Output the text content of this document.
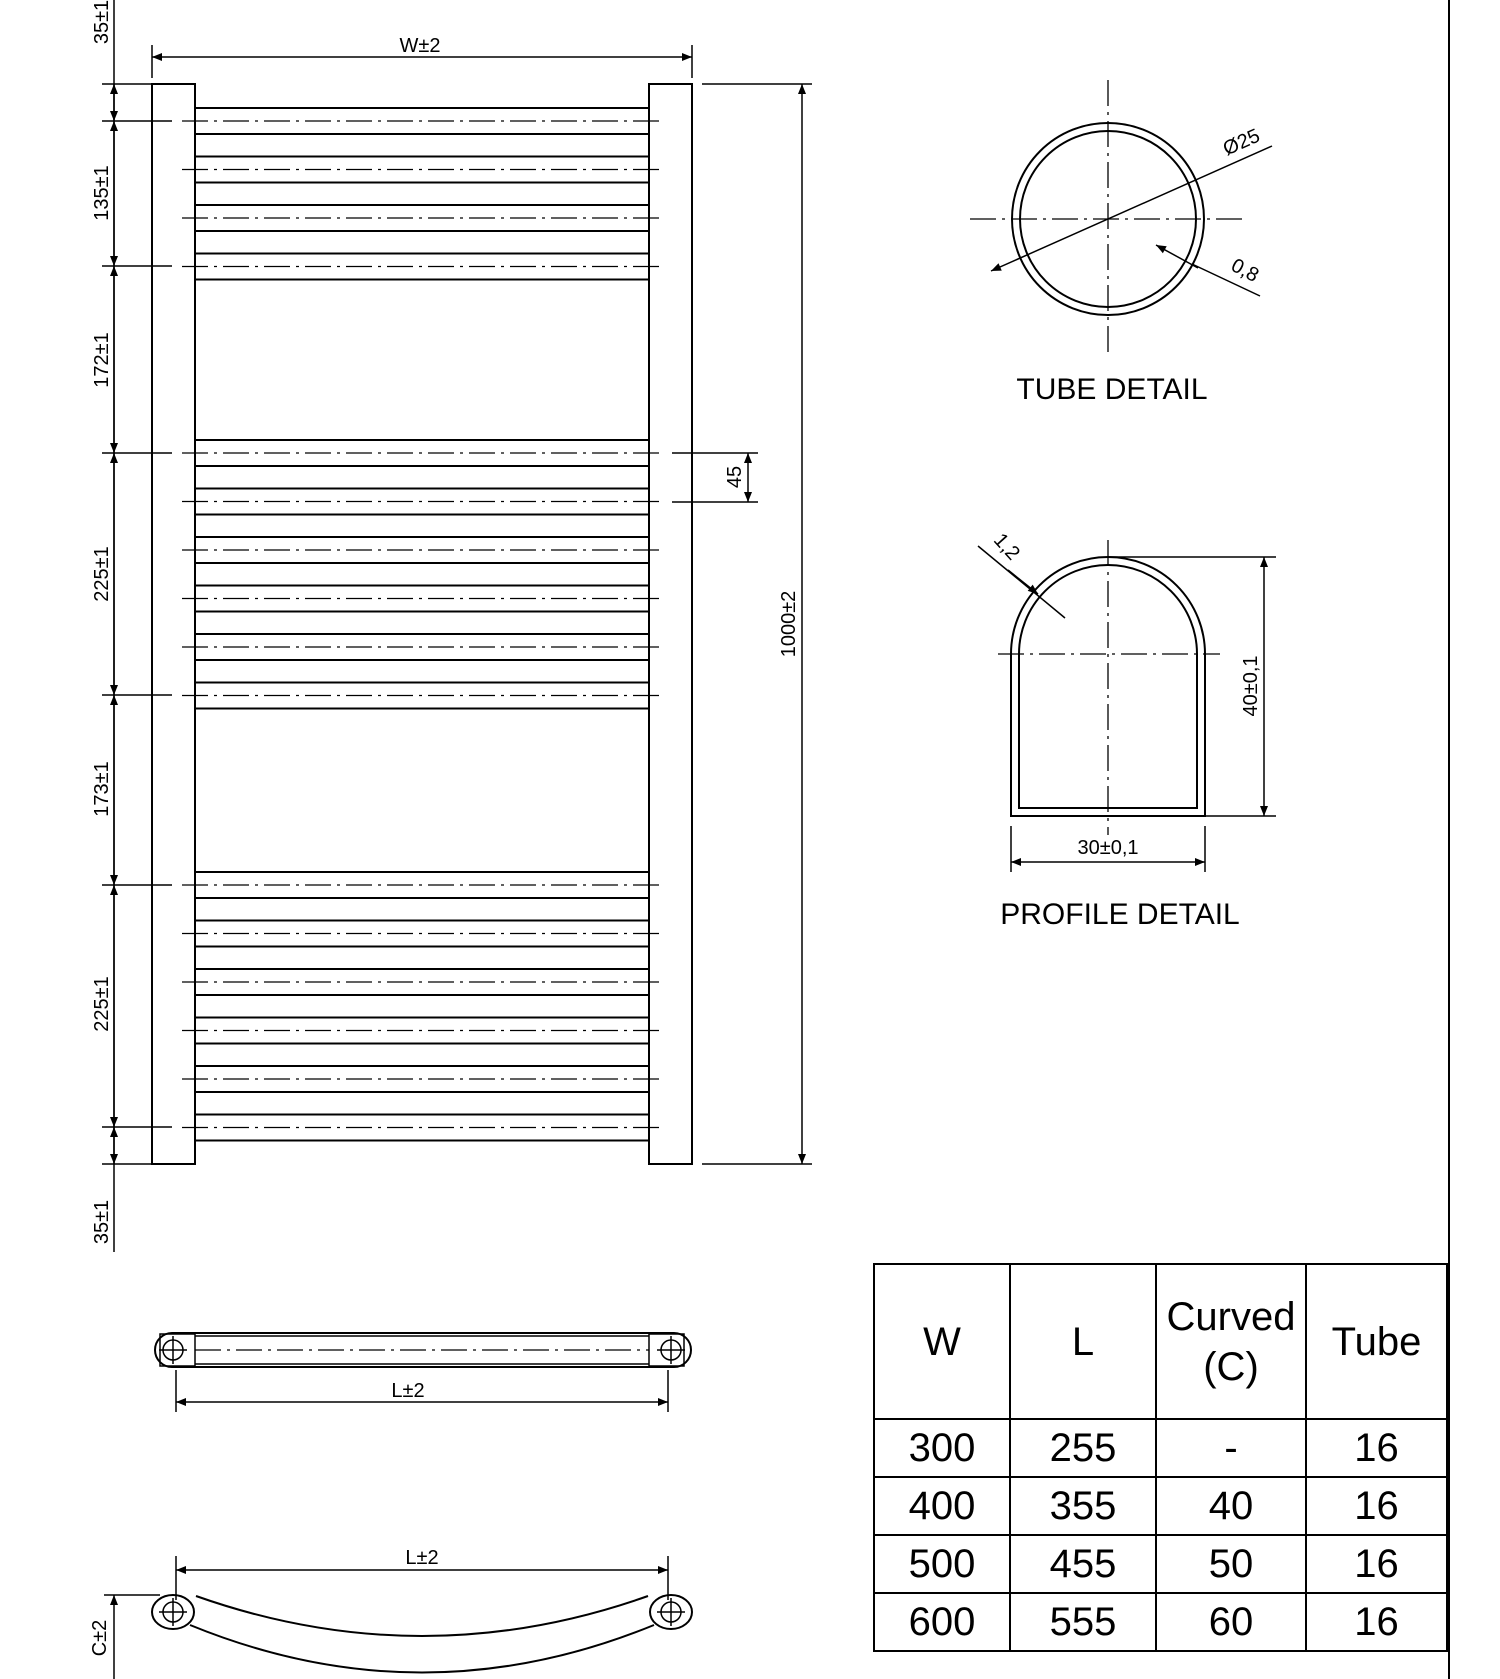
W±2
1000±2
45
35±1
135±1
172±1
225±1
173±1
225±1
35±1
Ø25
0,8
TUBE DETAIL
1,2
40±0,1
30±0,1
PROFILE DETAIL
L±2
L±2
C±2
W	L	Curved (C)	Tube
300	255	-	16
400	355	40	16
500	455	50	16
600	555	60	16
